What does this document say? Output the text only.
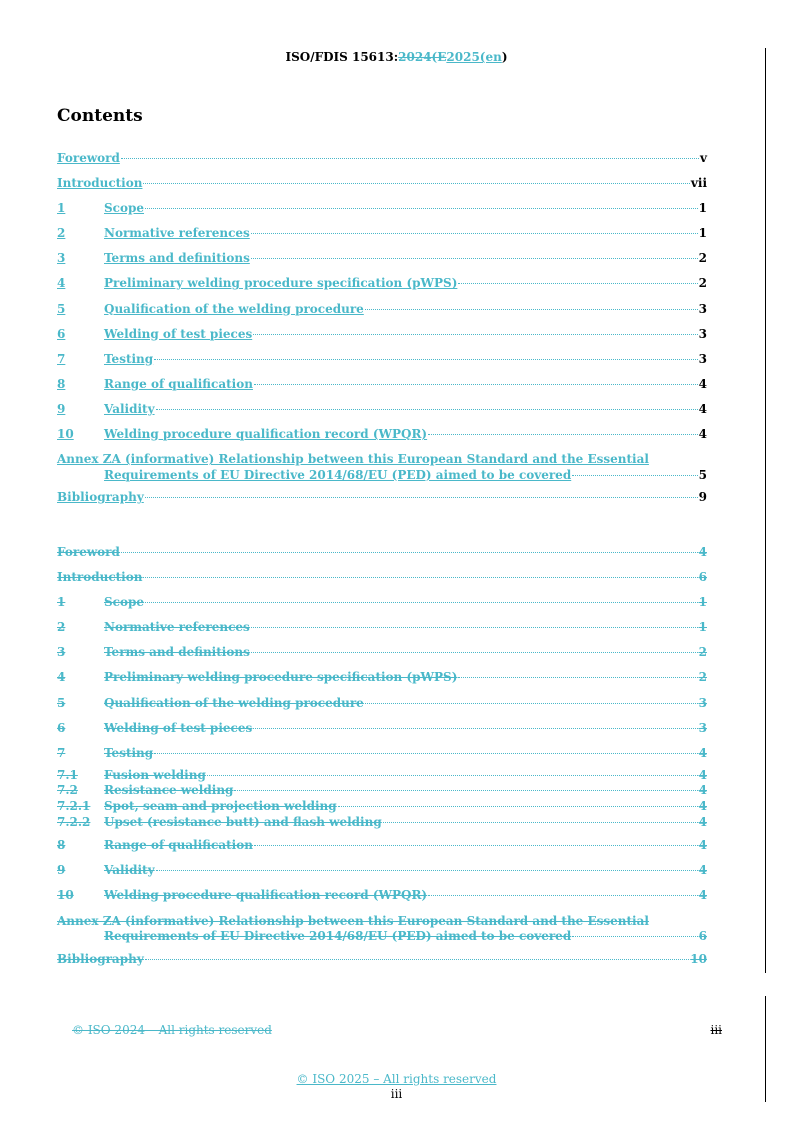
ISO/FDIS 15613:2024(E2025(en)
Contents
Foreword	v
Introduction	vii
1	Scope	1
2	Normative references	1
3	Terms and definitions	2
4	Preliminary welding procedure specification (pWPS)	2
5	Qualification of the welding procedure	3
6	Welding of test pieces	3
7	Testing	3
8	Range of qualification	4
9	Validity	4
10	Welding procedure qualification record (WPQR)	4
Annex ZA (informative) Relationship between this European Standard and the Essential
Requirements of EU Directive 2014/68/EU (PED) aimed to be covered	5
Bibliography	9
Foreword	4
Introduction	6
1	Scope	1
2	Normative references	1
3	Terms and definitions	2
4	Preliminary welding procedure specification (pWPS)	2
5	Qualification of the welding procedure	3
6	Welding of test pieces	3
7	Testing	4
7.1	Fusion welding	4
7.2	Resistance welding	4
7.2.1	Spot, seam and projection welding	4
7.2.2	Upset (resistance butt) and flash welding	4
8	Range of qualification	4
9	Validity	4
10	Welding procedure qualification record (WPQR)	4
Annex ZA (informative) Relationship between this European Standard and the Essential
Requirements of EU Directive 2014/68/EU (PED) aimed to be covered	6
Bibliography	10
© ISO 2024 – All rights reserved	iii
© ISO 2025 – All rights reserved
iii
